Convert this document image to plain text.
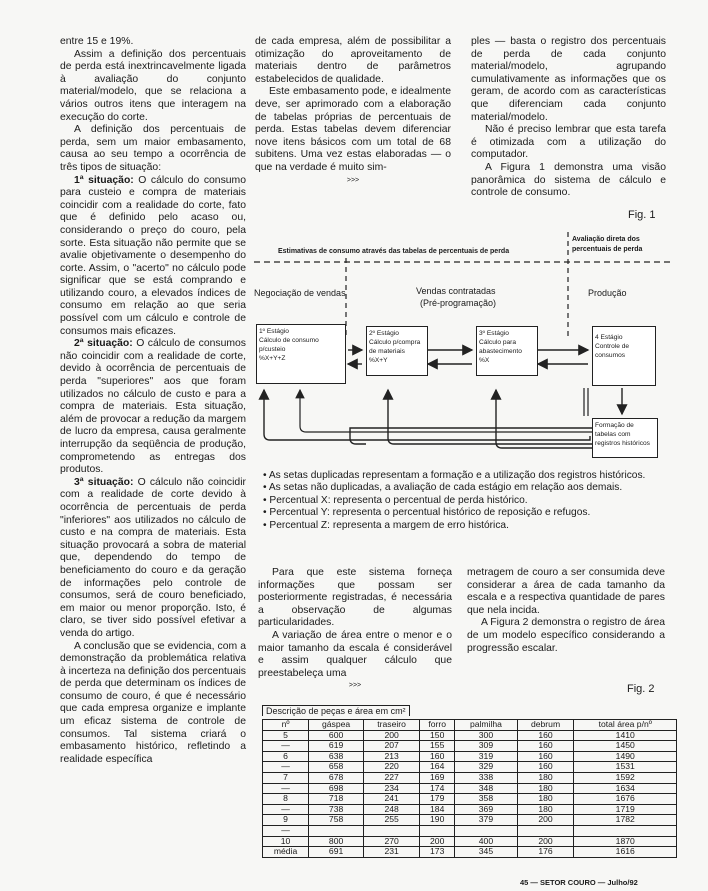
entre 15 e 19%.

Assim a definição dos percentuais de perda está inextrincavelmente ligada à avaliação do conjunto material/modelo, que se relaciona a vários outros itens que interagem na execução do corte.

A definição dos percentuais de perda, sem um maior embasamento, causa ao seu tempo a ocorrência de três tipos de situação:

1ª situação: O cálculo do consumo para custeio e compra de materiais coincidir com a realidade do corte, fato que é definido pelo acaso ou, considerando o preço do couro, pela sorte. Esta situação não permite que se avalie objetivamente o desempenho do corte. Assim, o "acerto" no cálculo pode significar que se está comprando e utilizando couro, a elevados índices de consumo em relação ao que seria possível com um cálculo e controle de consumos mais eficazes.

2ª situação: O cálculo de consumos não coincidir com a realidade de corte, devido à ocorrência de percentuais de perda "superiores" aos que foram utilizados no cálculo de custo e para a compra de materiais. Esta situação, além de provocar a redução da margem de lucro da empresa, causa geralmente interrupção da seqüência de produção, comprometendo as entregas dos produtos.

3ª situação: O cálculo não coincidir com a realidade de corte devido à ocorrência de percentuais de perda "inferiores" aos utilizados no cálculo de custo e na compra de materiais. Esta situação provocará a sobra de material que, dependendo do tempo de beneficiamento do couro e da geração de informações pelo controle de consumos, será de couro beneficiado, em maior ou menor proporção. Isto, é claro, se tiver sido possível efetivar a venda do artigo.

A conclusão que se evidencia, com a demonstração da problemática relativa à incerteza na definição dos percentuais de perda que determinam os índices de consumo de couro, é que é necessário que cada empresa organize e implante um eficaz sistema de controle de consumos. Tal sistema criará o embasamento histórico, refletindo a realidade específica

de cada empresa, além de possibilitar a otimização do aproveitamento de materiais dentro de parâmetros estabelecidos de qualidade.

Este embasamento pode, e idealmente deve, ser aprimorado com a elaboração de tabelas próprias de percentuais de perda. Estas tabelas devem diferenciar nove itens básicos com um total de 68 subitens. Uma vez estas elaboradas — o que na verdade é muito sim-

>>>

ples — basta o registro dos percentuais de perda de cada conjunto material/modelo, agrupando cumulativamente as informações que os geram, de acordo com as características que diferenciam cada conjunto material/modelo.

Não é preciso lembrar que esta tarefa é otimizada com a utilização do computador.

A Figura 1 demonstra uma visão panorâmica do sistema de cálculo e controle de consumo.

Fig. 1
Estimativas de consumo através das tabelas de percentuais de perda
Avaliação direta dos
percentuais de perda
Negociação de vendas	Vendas contratadas
(Pré-programação)
Produção
1º Estágio
Cálculo de consumo
p/custeio
%X+Y+Z
2º Estágio
Cálculo p/compra
de materiais
%X+Y
3º Estágio
Cálculo para
abastecimento
%X
4 Estágio
Controle de
consumos
Formação de
tabelas com
registros históricos
• As setas duplicadas representam a formação e a utilização dos registros históricos.
• As setas não duplicadas, a avaliação de cada estágio em relação aos demais.
• Percentual X: representa o percentual de perda histórico.
• Percentual Y: representa o percentual histórico de reposição e refugos.
• Percentual Z: representa a margem de erro histórica.

Para que este sistema forneça informações que possam ser posteriormente registradas, é necessária a observação de algumas particularidades.

A variação de área entre o menor e o maior tamanho da escala é considerável e assim qualquer cálculo que preestabeleça uma

>>>

metragem de couro a ser consumida deve considerar a área de cada tamanho da escala e a respectiva quantidade de pares que nela incida.

A Figura 2 demonstra o registro de área de um modelo específico considerando a progressão escalar.

Fig. 2
Descrição de peças e área em cm²
nº	gáspea	traseiro	forro	palmilha	debrum	total área p/nº
5	600	200	150	300	160	1410
—	619	207	155	309	160	1450
6	638	213	160	319	160	1490
—	658	220	164	329	160	1531
7	678	227	169	338	180	1592
—	698	234	174	348	180	1634
8	718	241	179	358	180	1676
—	738	248	184	369	180	1719
9	758	255	190	379	200	1782
—						
10	800	270	200	400	200	1870
média	691	231	173	345	176	1616
45 — SETOR COURO — Julho/92
